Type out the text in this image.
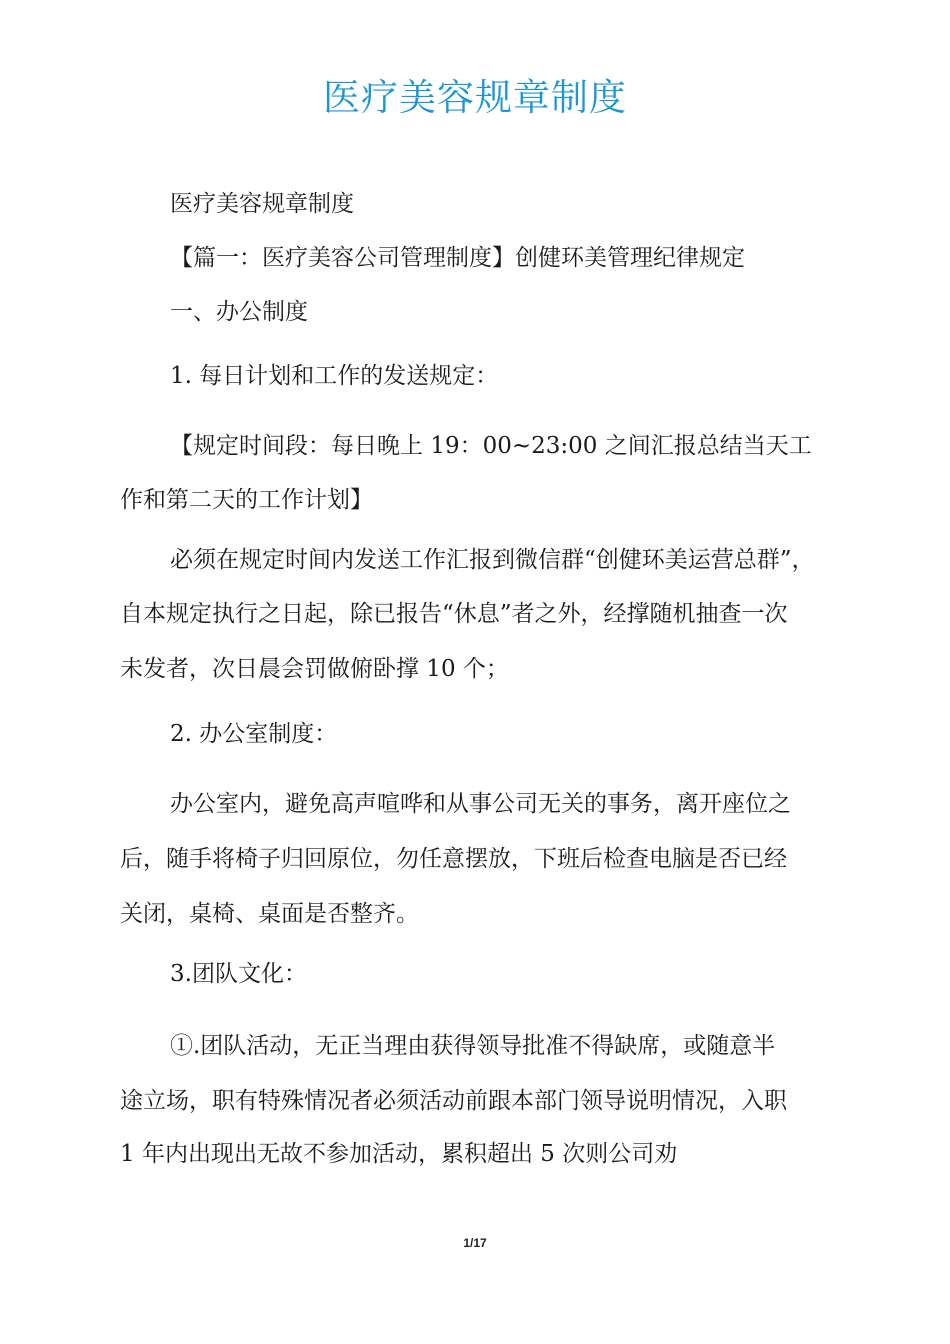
医疗美容规章制度
医疗美容规章制度
【篇一：医疗美容公司管理制度】创健环美管理纪律规定
一、办公制度
1. 每日计划和工作的发送规定：
【规定时间段：每日晚上 19：00~23:00 之间汇报总结当天工
作和第二天的工作计划】
必须在规定时间内发送工作汇报到微信群“创健环美运营总群”，
自本规定执行之日起，除已报告“休息”者之外，经撑随机抽查一次
未发者，次日晨会罚做俯卧撑 10 个；
2. 办公室制度：
办公室内，避免高声喧哗和从事公司无关的事务，离开座位之
后，随手将椅子归回原位，勿任意摆放，下班后检查电脑是否已经
关闭，桌椅、桌面是否整齐。
3.团队文化：
①.团队活动，无正当理由获得领导批准不得缺席，或随意半
途立场，职有特殊情况者必须活动前跟本部门领导说明情况，入职
1 年内出现出无故不参加活动，累积超出 5 次则公司劝
1/17
